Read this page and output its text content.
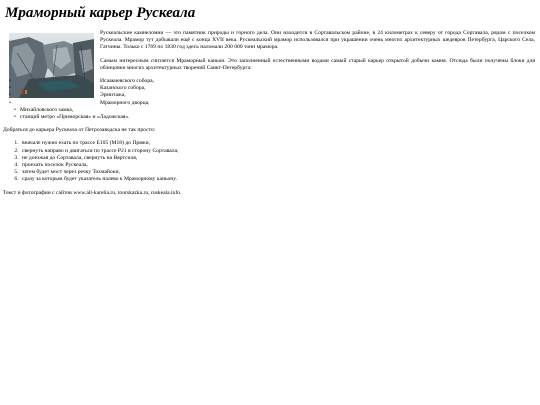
Мраморный карьер Рускеала

Рускеальские камнеломни — это памятник природы и горного дела. Они находится в Сортавальском районе, в 24 километрах к северу от города Сортавала, рядом с поселком Рускеала. Мрамор тут добывали ещё с конца XVII века. Рускеальский мрамор использовался при украшении очень многих архитектурных шедевров Петербурга, Царского Села, Гатчины. Только с 1769 по 1830 год здесь наломали 200 000 тонн мрамора.

Самым интересным считается Мраморный каньон. Это заполненный естественными водами самый старый карьер открытой добычи камня. Отсюда были получены блоки для облицовки многих архитектурных творений Санкт-Петербурга:

• Исаакиевского собора,
• Казанского собора,
• Эрмитажа,
• Мраморного дворца,
• Михайловского замка,
• станций метро «Приморская» и «Ладожская».

Добраться до карьера Рускеала от Петрозаводска не так просто:

1. вначале нужно ехать по трассе Е105 (М18) до Пряжи,
2. свернуть направо и двигаться по трассе Р21 в сторону Сортавала;
3. не доезжая до Сортавала, свернуть на Вяртсиля,
4. проехать поселок Рускеала,
5. затем будет мост через речку Тохмайоки,
6. сразу за которым будет указатель налево к Мраморному каньону.

Текст и фотографии с сайтов www.all-karelia.ru, tourskazka.ru, ruskeala.info.
